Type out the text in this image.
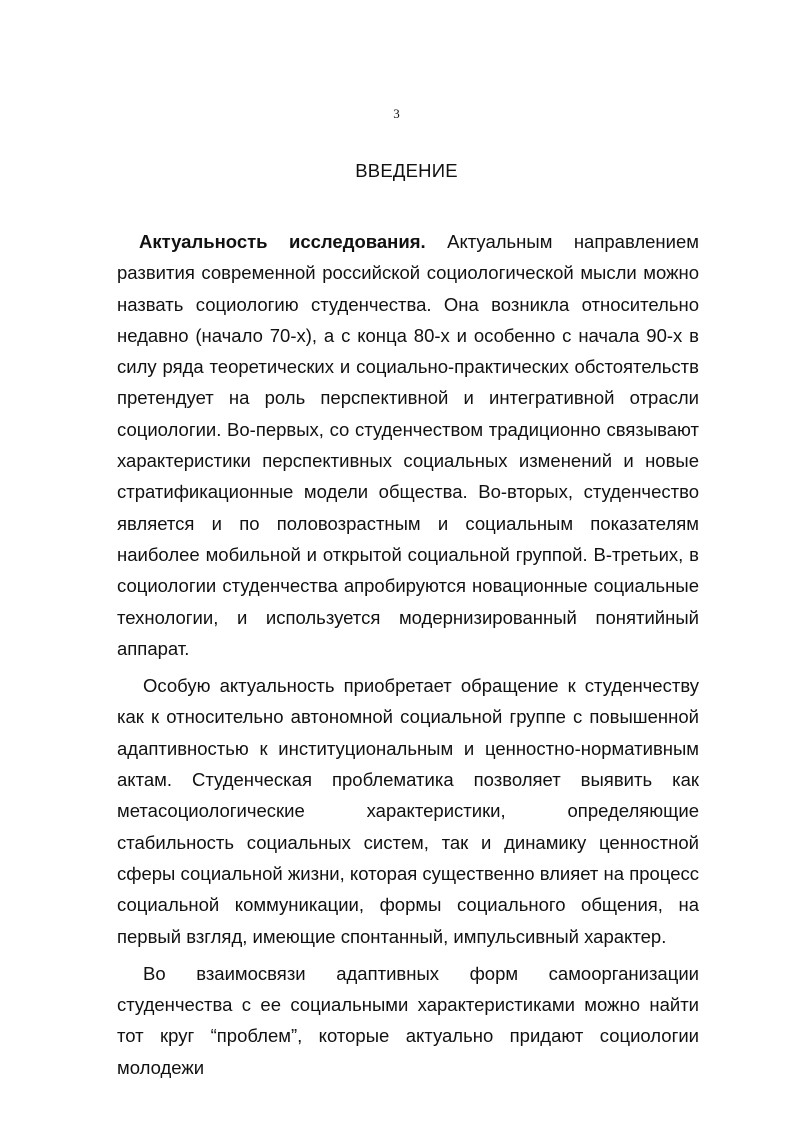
3
ВВЕДЕНИЕ

Актуальность исследования. Актуальным направлением развития современной российской социологической мысли можно назвать социологию студенчества. Она возникла относительно недавно (начало 70-х), а с конца 80-х и особенно с начала 90-х в силу ряда теоретических и социально-практических обстоятельств претендует на роль перспективной и интегративной отрасли социологии. Во-первых, со студенчеством традиционно связывают характеристики перспективных социальных изменений и новые стратификационные модели общества. Во-вторых, студенчество является и по половозрастным и социальным показателям наиболее мобильной и открытой социальной группой. В-третьих, в социологии студенчества апробируются новационные социальные технологии, и используется модернизированный понятийный аппарат.

Особую актуальность приобретает обращение к студенчеству как к относительно автономной социальной группе с повышенной адаптивностью к институциональным и ценностно-нормативным актам. Студенческая проблематика позволяет выявить как метасоциологические характеристики, определяющие стабильность социальных систем, так и динамику ценностной сферы социальной жизни, которая существенно влияет на процесс социальной коммуникации, формы социального общения, на первый взгляд, имеющие спонтанный, импульсивный характер.

Во взаимосвязи адаптивных форм самоорганизации студенчества с ее социальными характеристиками можно найти тот круг “проблем”, которые актуально придают социологии молодежи
